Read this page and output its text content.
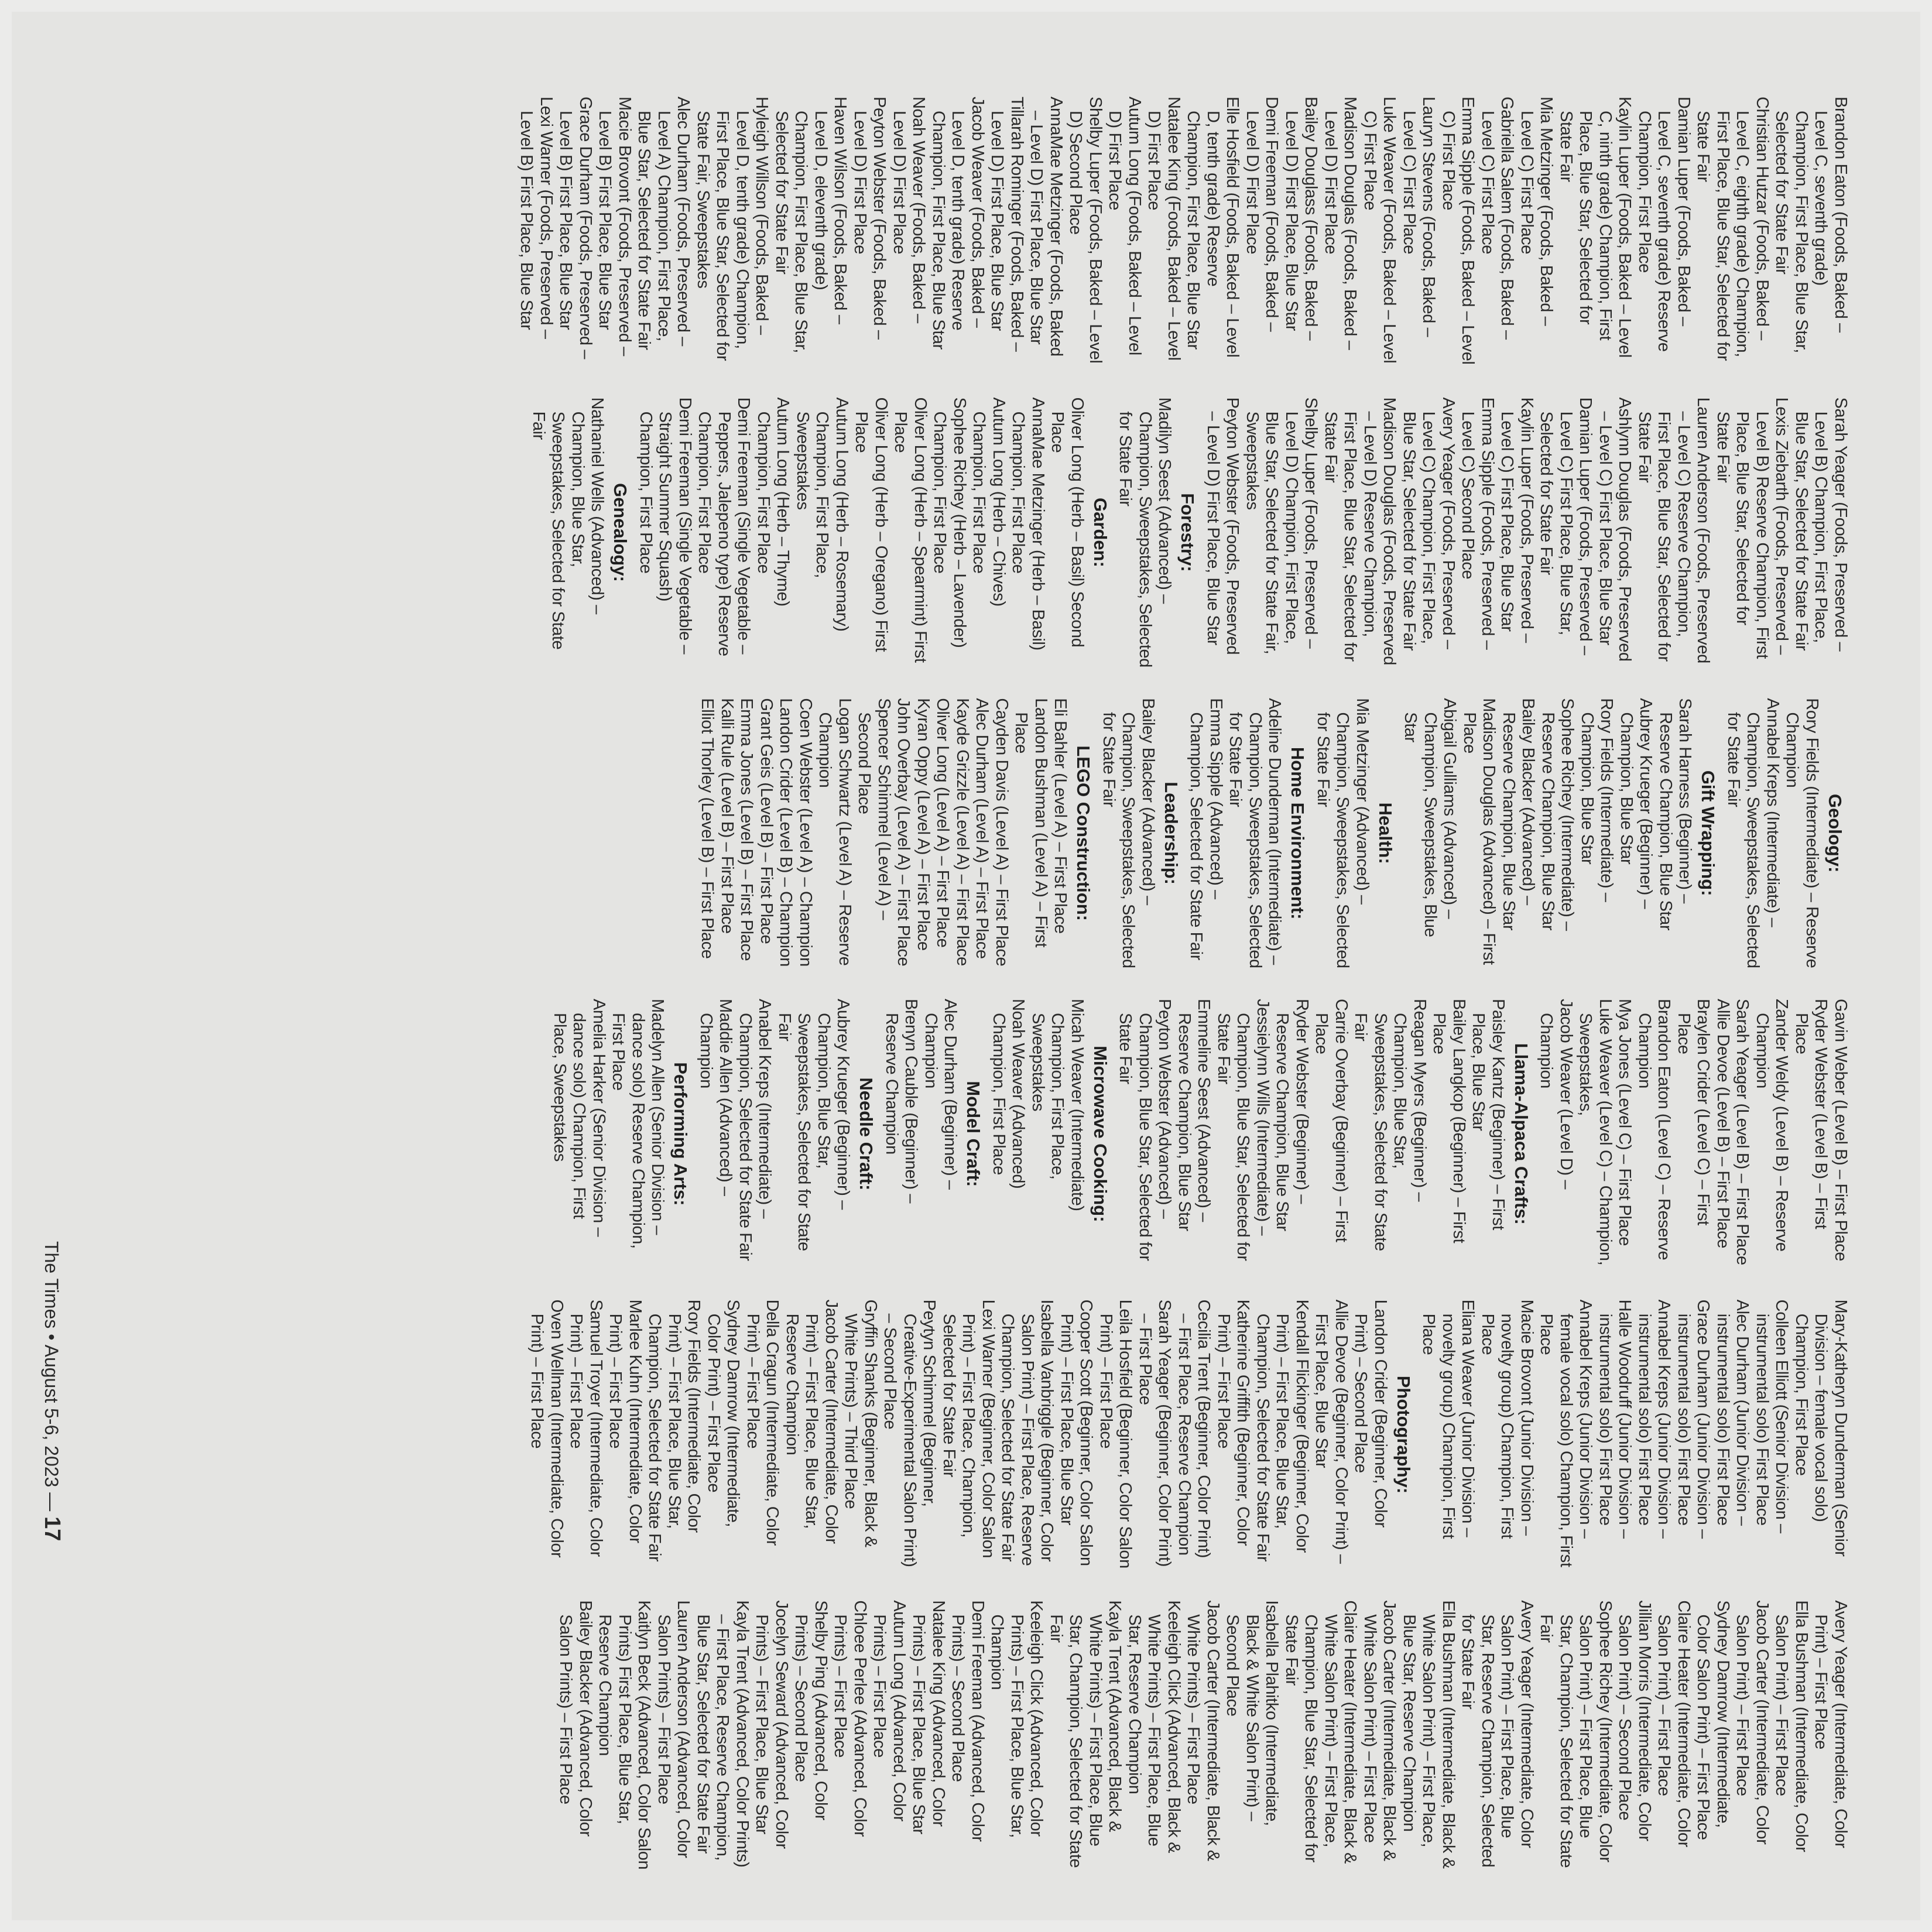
Brandon Eaton (Foods, Baked – Level C, seventh grade) Champion, First Place, Blue Star, Selected for State Fair

Christian Hutzar (Foods, Baked – Level C, eighth grade) Champion, First Place, Blue Star, Selected for State Fair

Damian Luper (Foods, Baked – Level C, seventh grade) Reserve Champion, First Place

Kaylin Luper (Foods, Baked – Level C, ninth grade) Champion, First Place, Blue Star, Selected for State Fair

Mia Metzinger (Foods, Baked – Level C) First Place

Gabriella Salem (Foods, Baked – Level C) First Place

Emma Sipple (Foods, Baked – Level C) First Place

Lauryn Stevens (Foods, Baked – Level C) First Place

Luke Weaver (Foods, Baked – Level C) First Place

Madison Douglas (Foods, Baked – Level D) First Place

Bailey Douglass (Foods, Baked – Level D) First Place, Blue Star

Demi Freeman (Foods, Baked – Level D) First Place

Elle Hosfield (Foods, Baked – Level D, tenth grade) Reserve Champion, First Place, Blue Star

Natalee King (Foods, Baked – Level D) First Place

Autum Long (Foods, Baked – Level D) First Place

Shelby Luper (Foods, Baked – Level D) Second Place

AnnaMae Metzinger (Foods, Baked – Level D) First Place, Blue Star

Tillarah Rominger (Foods, Baked – Level D) First Place, Blue Star

Jacob Weaver (Foods, Baked – Level D, tenth grade) Reserve Champion, First Place, Blue Star

Noah Weaver (Foods, Baked – Level D) First Place

Peyton Webster (Foods, Baked – Level D) First Place

Haven Wilson (Foods, Baked – Level D, eleventh grade) Champion, First Place, Blue Star, Selected for State Fair

Hyleigh Willson (Foods, Baked – Level D, tenth grade) Champion, First Place, Blue Star, Selected for State Fair, Sweepstakes

Alec Durham (Foods, Preserved – Level A) Champion, First Place, Blue Star, Selected for State Fair

Macie Brovont (Foods, Preserved – Level B) First Place, Blue Star

Grace Durham (Foods, Preserved – Level B) First Place, Blue Star

Lexi Warner (Foods, Preserved – Level B) First Place, Blue Star

Sarah Yeager (Foods, Preserved – Level B) Champion, First Place, Blue Star, Selected for State Fair

Lexis Ziebarth (Foods, Preserved – Level B) Reserve Champion, First Place, Blue Star, Selected for State Fair

Lauren Anderson (Foods, Preserved – Level C) Reserve Champion, First Place, Blue Star, Selected for State Fair

Ashlynn Douglas (Foods, Preserved – Level C) First Place, Blue Star

Damian Luper (Foods, Preserved – Level C) First Place, Blue Star, Selected for State Fair

Kaylin Luper (Foods, Preserved – Level C) First Place, Blue Star

Emma Sipple (Foods, Preserved – Level C) Second Place

Avery Yeager (Foods, Preserved – Level C) Champion, First Place, Blue Star, Selected for State Fair

Madison Douglas (Foods, Preserved – Level D) Reserve Champion, First Place, Blue Star, Selected for State Fair

Shelby Luper (Foods, Preserved – Level D) Champion, First Place, Blue Star, Selected for State Fair, Sweepstakes

Peyton Webster (Foods, Preserved – Level D) First Place, Blue Star

Forestry:

Madilyn Seest (Advanced) – Champion, Sweepstakes, Selected for State Fair

Garden:

Oliver Long (Herb – Basil) Second Place

AnnaMae Metzinger (Herb – Basil) Champion, First Place

Autum Long (Herb – Chives) Champion, First Place

Sophee Richey (Herb – Lavender) Champion, First Place

Oliver Long (Herb – Spearmint) First Place

Oliver Long (Herb – Oregano) First Place

Autum Long (Herb – Rosemary) Champion, First Place, Sweepstakes

Autum Long (Herb – Thyme) Champion, First Place

Demi Freeman (Single Vegetable – Peppers, Jalepeno type) Reserve Champion, First Place

Demi Freeman (Single Vegetable – Straight Summer Squash) Champion, First Place

Genealogy:

Nathaniel Wells (Advanced) – Champion, Blue Star, Sweepstakes, Selected for State Fair

Geology:

Rory Fields (Intermediate) – Reserve Champion

Annabel Kreps (Intermediate) – Champion, Sweepstakes, Selected for State Fair

Gift Wrapping:

Sarah Harness (Beginner) – Reserve Champion, Blue Star

Aubrey Krueger (Beginner) – Champion, Blue Star

Rory Fields (Intermediate) – Champion, Blue Star

Sophee Richey (Intermediate) – Reserve Champion, Blue Star

Bailey Blacker (Advanced) – Reserve Champion, Blue Star

Madison Douglas (Advanced) – First Place

Abigail Gulliams (Advanced) – Champion, Sweepstakes, Blue Star

Health:

Mia Metzinger (Advanced) – Champion, Sweepstakes, Selected for State Fair

Home Environment:

Adeline Dunderman (Intermediate) – Champion, Sweepstakes, Selected for State Fair

Emma Sipple (Advanced) – Champion, Selected for State Fair

Leadership:

Bailey Blacker (Advanced) – Champion, Sweepstakes, Selected for State Fair

LEGO Construction:

Eli Bahler (Level A) – First Place

Landon Bushman (Level A) – First Place

Cayden Davis (Level A) – First Place

Alec Durham (Level A) – First Place

Kayde Grizzle (Level A) – First Place

Oliver Long (Level A) – First Place

Kyran Oppy (Level A) – First Place

John Overbay (Level A) – First Place

Spencer Schimmel (Level A) – Second Place

Logan Schwartz (Level A) – Reserve Champion

Coen Webster (Level A) – Champion

Landon Crider (Level B) – Champion

Grant Geis (Level B) – First Place

Emma Jones (Level B) – First Place

Kalli Rule (Level B) – First Place

Elliot Thorley (Level B) – First Place

Gavin Weber (Level B) – First Place

Ryder Webster (Level B) – First Place

Zander Weldy (Level B) – Reserve Champion

Sarah Yeager (Level B) – First Place

Allie Devoe (Level B) – First Place

Braylen Crider (Level C) – First Place

Brandon Eaton (Level C) – Reserve Champion

Mya Jones (Level C) – First Place

Luke Weaver (Level C) – Champion, Sweepstakes,

Jacob Weaver (Level D) – Champion

Llama-Alpaca Crafts:

Paisley Kantz (Beginner) – First Place, Blue Star

Bailey Langkop (Beginner) – First Place

Reagan Myers (Beginner) – Champion, Blue Star, Sweepstakes, Selected for State Fair

Carrie Overbay (Beginner) – First Place

Ryder Webster (Beginner) – Reserve Champion, Blue Star

Jessielynn Wills (Intermediate) – Champion, Blue Star, Selected for State Fair

Emmeline Seest (Advanced) – Reserve Champion, Blue Star

Peyton Webster (Advanced) – Champion, Blue Star, Selected for State Fair

Microwave Cooking:

Micah Weaver (Intermediate) Champion, First Place, Sweepstakes

Noah Weaver (Advanced) Champion, First Place

Model Craft:

Alec Durham (Beginner) – Champion

Brenyn Cauble (Beginner) – Reserve Champion

Needle Craft:

Aubrey Krueger (Beginner) – Champion, Blue Star, Sweepstakes, Selected for State Fair

Anabel Kreps (Intermediate) – Champion, Selected for State Fair

Maddie Allen (Advanced) – Champion

Performing Arts:

Madelyn Allen (Senior Division – dance solo) Reserve Champion, First Place

Amelia Harker (Senior Division – dance solo) Champion, First Place, Sweepstakes

Mary-Katheryn Dunderman (Senior Division – female vocal solo) Champion, First Place

Colleen Elliott (Senior Division – instrumental solo) First Place

Alec Durham (Junior Division – instrumental solo) First Place

Grace Durham (Junior Division – instrumental solo) First Place

Annabel Kreps (Junior Division – instrumental solo) First Place

Halle Woodruff (Junior Division – instrumental solo) First Place

Annabel Kreps (Junior Division – female vocal solo) Champion, First Place

Macie Brovont (Junior Division – novelty group) Champion, First Place

Eliana Weaver (Junior Division – novelty group) Champion, First Place

Photography:

Landon Crider (Beginner, Color Print) – Second Place

Allie Devoe (Beginner, Color Print) – First Place, Blue Star

Kendall Flickinger (Beginner, Color Print) – First Place, Blue Star, Champion, Selected for State Fair

Katherine Griffith (Beginner, Color Print) – First Place

Cecilia Trent (Beginner, Color Print) – First Place, Reserve Champion

Sarah Yeager (Beginner, Color Print) – First Place

Leila Hosfield (Beginner, Color Salon Print) – First Place

Cooper Scott (Beginner, Color Salon Print) – First Place, Blue Star

Isabella Vanbriggle (Beginner, Color Salon Print) – First Place, Reserve Champion, Selected for State Fair

Lexi Warner (Beginner, Color Salon Print) – First Place, Champion, Selected for State Fair

Peytyn Schimmel (Beginner, Creative-Experimental Salon Print) – Second Place

Gryffin Shanks (Beginner, Black & White Prints) – Third Place

Jacob Carter (Intermediate, Color Print) – First Place, Blue Star, Reserve Champion

Della Cragun (Intermediate, Color Print) – First Place

Sydney Damrow (Intermediate, Color Print) – First Place

Rory Fields (Intermediate, Color Print) – First Place, Blue Star, Champion, Selected for State Fair

Marlee Kuhn (Intermediate, Color Print) – First Place

Samuel Troyer (Intermediate, Color Print) – First Place

Oven Wellman (Intermediate, Color Print) – First Place

Avery Yeager (Intermediate, Color Print) – First Place

Ella Bushman (Intermediate, Color Salon Print) – First Place

Jacob Carter (Intermediate, Color Salon Print) – First Place

Sydney Damrow (Intermediate, Color Salon Print) – First Place

Claire Heater (Intermediate, Color Salon Print) – First Place

Jillian Morris (Intermediate, Color Salon Print) – Second Place

Sophee Richey (Intermediate, Color Salon Print) – First Place, Blue Star, Champion, Selected for State Fair

Avery Yeager (Intermediate, Color Salon Print) – First Place, Blue Star, Reserve Champion, Selected for State Fair

Ella Bushman (Intermediate, Black & White Salon Print) – First Place, Blue Star, Reserve Champion

Jacob Carter (Intermediate, Black & White Salon Print) – First Place

Claire Heater (Intermediate, Black & White Salon Print) – First Place, Champion, Blue Star, Selected for State Fair

Isabella Plahitko (Intermediate, Black & White Salon Print) – Second Place

Jacob Carter (Intermediate, Black & White Prints) – First Place

Keeleigh Click (Advanced, Black & White Prints) – First Place, Blue Star, Reserve Champion

Kayla Trent (Advanced, Black & White Prints) – First Place, Blue Star, Champion, Selected for State Fair

Keeleigh Click (Advanced, Color Prints) – First Place, Blue Star, Champion

Demi Freeman (Advanced, Color Prints) – Second Place

Natalee King (Advanced, Color Prints) – First Place, Blue Star

Autum Long (Advanced, Color Prints) – First Place

Chloee Perlee (Advanced, Color Prints) – First Place

Shelby Ping (Advanced, Color Prints) – Second Place

Jocelyn Seward (Advanced, Color Prints) – First Place, Blue Star

Kayla Trent (Advanced, Color Prints) – First Place, Reserve Champion, Blue Star, Selected for State Fair

Lauren Anderson (Advanced, Color Salon Prints) – First Place

Kaitlyn Beck (Advanced, Color Salon Prints) First Place, Blue Star, Reserve Champion

Bailey Blacker (Advanced, Color Salon Prints) – First Place

The Times • August 5-6, 2023 — 17
